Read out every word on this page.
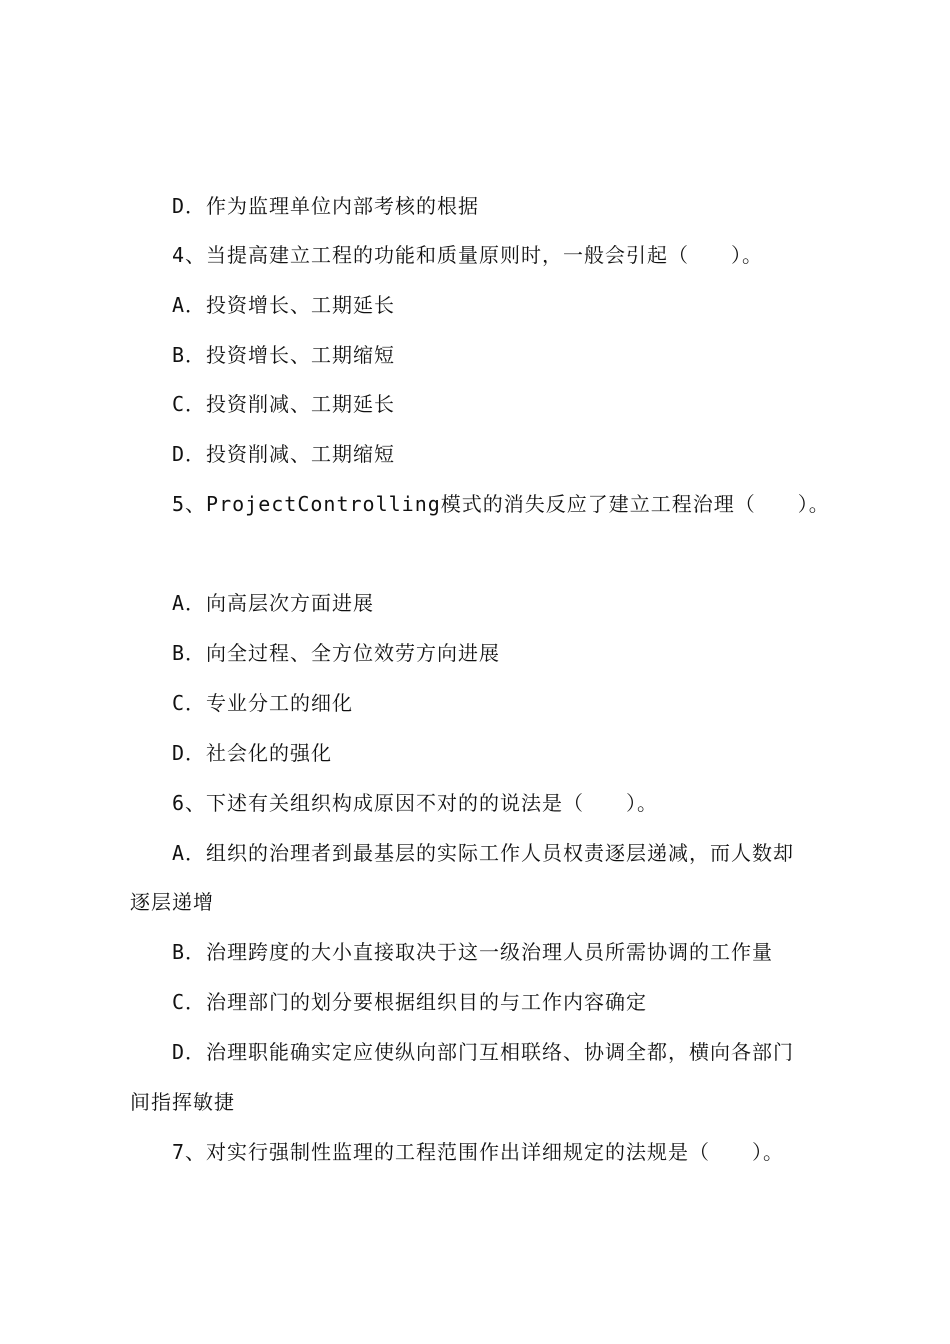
D．作为监理单位内部考核的根据
4、当提高建立工程的功能和质量原则时，一般会引起（　　）。
A．投资增长、工期延长
B．投资增长、工期缩短
C．投资削减、工期延长
D．投资削减、工期缩短
5、ProjectControlling模式的消失反应了建立工程治理（　　）。
A．向高层次方面进展
B．向全过程、全方位效劳方向进展
C．专业分工的细化
D．社会化的强化
6、下述有关组织构成原因不对的的说法是（　　）。
A．组织的治理者到最基层的实际工作人员权责逐层递减，而人数却
逐层递增
B．治理跨度的大小直接取决于这一级治理人员所需协调的工作量
C．治理部门的划分要根据组织目的与工作内容确定
D．治理职能确实定应使纵向部门互相联络、协调全都，横向各部门
间指挥敏捷
7、对实行强制性监理的工程范围作出详细规定的法规是（　　）。
